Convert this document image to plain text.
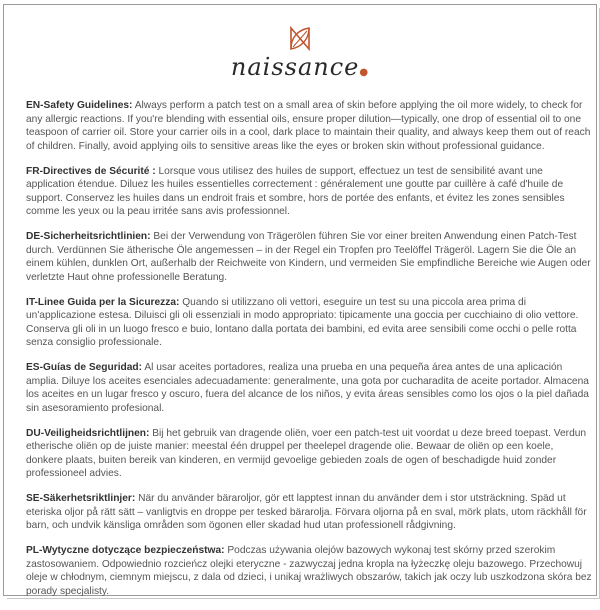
naissance●

EN-Safety Guidelines: Always perform a patch test on a small area of skin before applying the oil more widely, to check for any allergic reactions. If you're blending with essential oils, ensure proper dilution—typically, one drop of essential oil to one teaspoon of carrier oil. Store your carrier oils in a cool, dark place to maintain their quality, and always keep them out of reach of children. Finally, avoid applying oils to sensitive areas like the eyes or broken skin without professional guidance.

FR-Directives de Sécurité : Lorsque vous utilisez des huiles de support, effectuez un test de sensibilité avant une application étendue. Diluez les huiles essentielles correctement : généralement une goutte par cuillère à café d'huile de support. Conservez les huiles dans un endroit frais et sombre, hors de portée des enfants, et évitez les zones sensibles comme les yeux ou la peau irritée sans avis professionnel.

DE-Sicherheitsrichtlinien: Bei der Verwendung von Trägerölen führen Sie vor einer breiten Anwendung einen Patch-Test durch. Verdünnen Sie ätherische Öle angemessen – in der Regel ein Tropfen pro Teelöffel Trägeröl. Lagern Sie die Öle an einem kühlen, dunklen Ort, außerhalb der Reichweite von Kindern, und vermeiden Sie empfindliche Bereiche wie Augen oder verletzte Haut ohne professionelle Beratung.

IT-Linee Guida per la Sicurezza: Quando si utilizzano oli vettori, eseguire un test su una piccola area prima di un'applicazione estesa. Diluisci gli oli essenziali in modo appropriato: tipicamente una goccia per cucchiaino di olio vettore. Conserva gli oli in un luogo fresco e buio, lontano dalla portata dei bambini, ed evita aree sensibili come occhi o pelle rotta senza consiglio professionale.

ES-Guías de Seguridad: Al usar aceites portadores, realiza una prueba en una pequeña área antes de una aplicación amplia. Diluye los aceites esenciales adecuadamente: generalmente, una gota por cucharadita de aceite portador. Almacena los aceites en un lugar fresco y oscuro, fuera del alcance de los niños, y evita áreas sensibles como los ojos o la piel dañada sin asesoramiento profesional.

DU-Veiligheidsrichtlijnen: Bij het gebruik van dragende oliën, voer een patch-test uit voordat u deze breed toepast. Verdun etherische oliën op de juiste manier: meestal één druppel per theelepel dragende olie. Bewaar de oliën op een koele, donkere plaats, buiten bereik van kinderen, en vermijd gevoelige gebieden zoals de ogen of beschadigde huid zonder professioneel advies.

SE-Säkerhetsriktlinjer: När du använder bäraroljor, gör ett lapptest innan du använder dem i stor utsträckning. Späd ut eteriska oljor på rätt sätt – vanligtvis en droppe per tesked bärarolja. Förvara oljorna på en sval, mörk plats, utom räckhåll för barn, och undvik känsliga områden som ögonen eller skadad hud utan professionell rådgivning.

PL-Wytyczne dotyczące bezpieczeństwa: Podczas używania olejów bazowych wykonaj test skórny przed szerokim zastosowaniem. Odpowiednio rozcieńcz olejki eteryczne - zazwyczaj jedna kropla na łyżeczkę oleju bazowego. Przechowuj oleje w chłodnym, ciemnym miejscu, z dala od dzieci, i unikaj wrażliwych obszarów, takich jak oczy lub uszkodzona skóra bez porady specjalisty.
